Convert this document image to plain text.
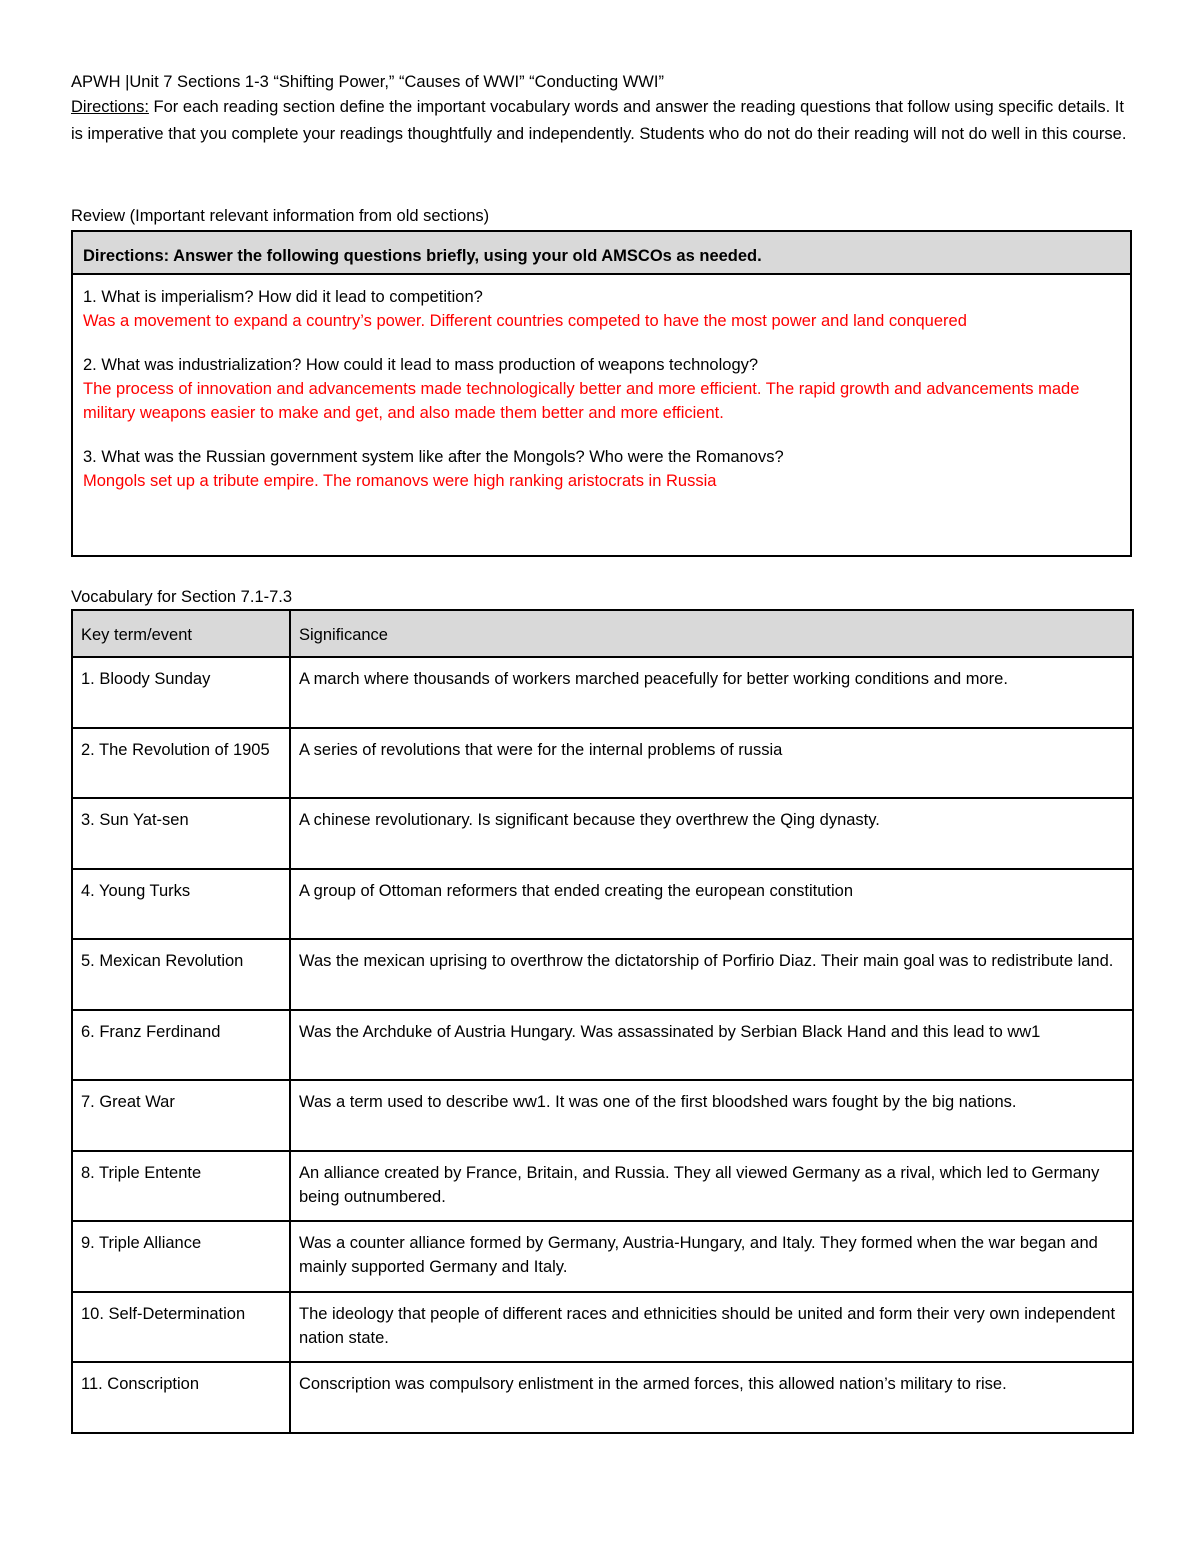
APWH |Unit 7 Sections 1-3 “Shifting Power,” “Causes of WWI” “Conducting WWI”

Directions: For each reading section define the important vocabulary words and answer the reading questions that follow using specific details. It is imperative that you complete your readings thoughtfully and independently. Students who do not do their reading will not do well in this course.

Review (Important relevant information from old sections)

Directions: Answer the following questions briefly, using your old AMSCOs as needed.

1. What is imperialism? How did it lead to competition?

Was a movement to expand a country’s power. Different countries competed to have the most power and land conquered

2. What was industrialization? How could it lead to mass production of weapons technology?

The process of innovation and advancements made technologically better and more efficient. The rapid growth and advancements made military weapons easier to make and get, and also made them better and more efficient.

3. What was the Russian government system like after the Mongols? Who were the Romanovs?

Mongols set up a tribute empire. The romanovs were high ranking aristocrats in Russia

Vocabulary for Section 7.1-7.3

Key term/event	Significance
1. Bloody Sunday	A march where thousands of workers marched peacefully for better working conditions and more.
2. The Revolution of 1905	A series of revolutions that were for the internal problems of russia
3. Sun Yat-sen	A chinese revolutionary. Is significant because they overthrew the Qing dynasty.
4. Young Turks	A group of Ottoman reformers that ended creating the european constitution
5. Mexican Revolution	Was the mexican uprising to overthrow the dictatorship of Porfirio Diaz. Their main goal was to redistribute land.
6. Franz Ferdinand	Was the Archduke of Austria Hungary. Was assassinated by Serbian Black Hand and this lead to ww1
7. Great War	Was a term used to describe ww1. It was one of the first bloodshed wars fought by the big nations.
8. Triple Entente	An alliance created by France, Britain, and Russia. They all viewed Germany as a rival, which led to Germany being outnumbered.
9. Triple Alliance	Was a counter alliance formed by Germany, Austria-Hungary, and Italy. They formed when the war began and mainly supported Germany and Italy.
10. Self-Determination	The ideology that people of different races and ethnicities should be united and form their very own independent nation state.
11. Conscription	Conscription was compulsory enlistment in the armed forces, this allowed nation’s military to rise.
